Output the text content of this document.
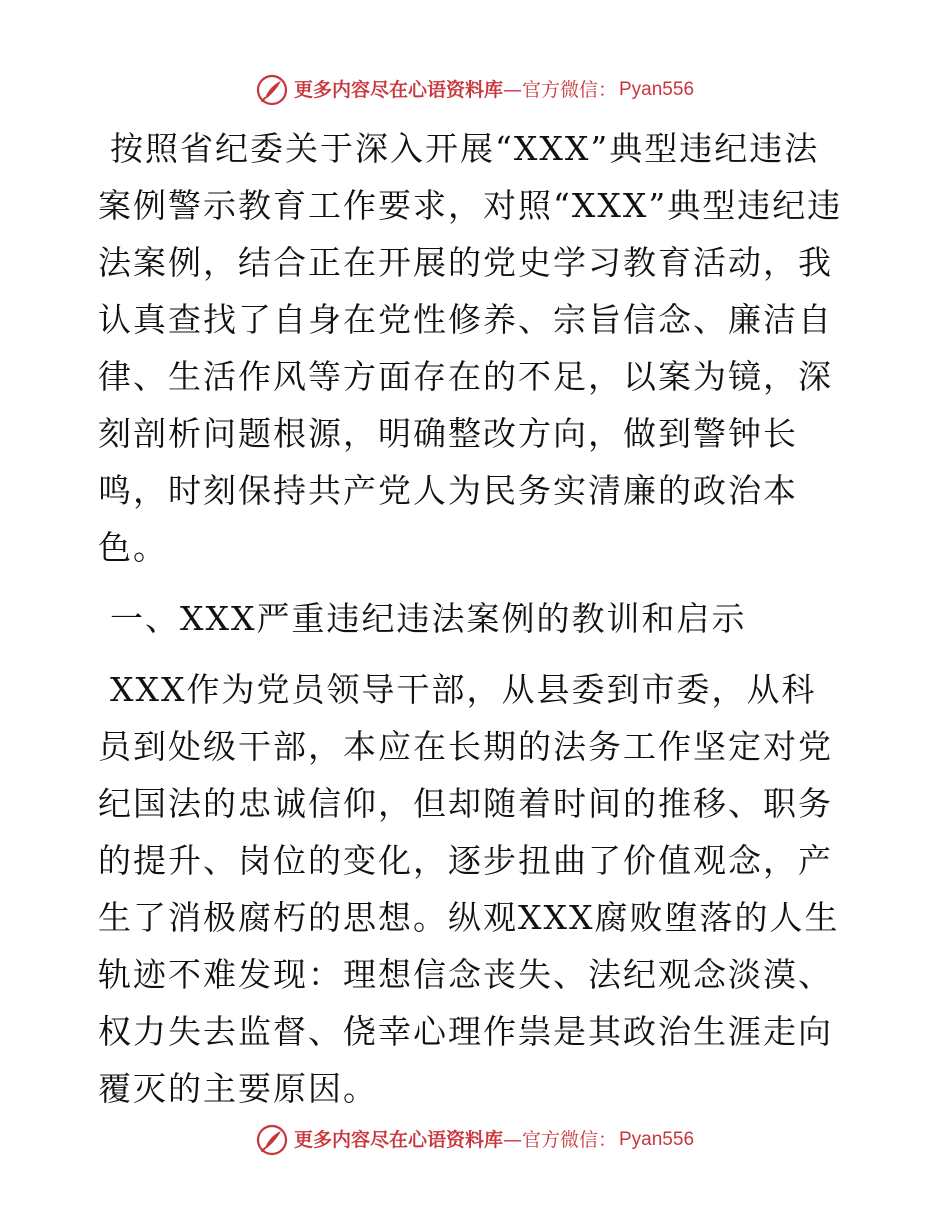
更多内容尽在心语资料库 — 官方微信： Pyan556

按照省纪委关于深入开展“XXX”典型违纪违法案例警示教育工作要求，对照“XXX”典型违纪违法案例，结合正在开展的党史学习教育活动，我认真查找了自身在党性修养、宗旨信念、廉洁自律、生活作风等方面存在的不足，以案为镜，深刻剖析问题根源，明确整改方向，做到警钟长鸣，时刻保持共产党人为民务实清廉的政治本色。

一、XXX严重违纪违法案例的教训和启示

XXX作为党员领导干部，从县委到市委，从科员到处级干部，本应在长期的法务工作坚定对党纪国法的忠诚信仰，但却随着时间的推移、职务的提升、岗位的变化，逐步扭曲了价值观念，产生了消极腐朽的思想。纵观XXX腐败堕落的人生轨迹不难发现：理想信念丧失、法纪观念淡漠、权力失去监督、侥幸心理作祟是其政治生涯走向覆灭的主要原因。

更多内容尽在心语资料库 — 官方微信： Pyan556
